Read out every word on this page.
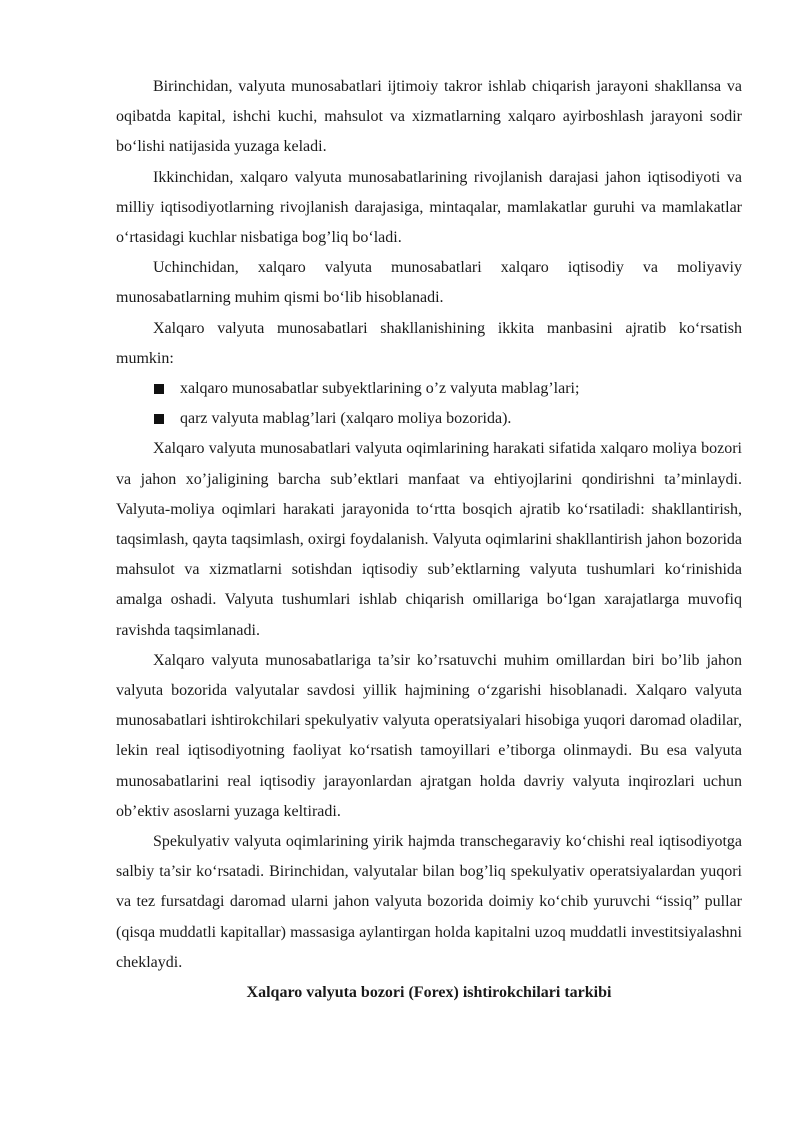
Birinchidan, valyuta munosabatlari ijtimoiy takror ishlab chiqarish jarayoni shakllansa va oqibatda kapital, ishchi kuchi, mahsulot va xizmatlarning xalqaro ayirboshlash jarayoni sodir bo‘lishi natijasida yuzaga keladi.

Ikkinchidan, xalqaro valyuta munosabatlarining rivojlanish darajasi jahon iqtisodiyoti va milliy iqtisodiyotlarning rivojlanish darajasiga, mintaqalar, mamlakatlar guruhi va mamlakatlar o‘rtasidagi kuchlar nisbatiga bog’liq bo‘ladi.

Uchinchidan, xalqaro valyuta munosabatlari xalqaro iqtisodiy va moliyaviy munosabatlarning muhim qismi bo‘lib hisoblanadi.

Xalqaro valyuta munosabatlari shakllanishining ikkita manbasini ajratib ko‘rsatish mumkin:

xalqaro munosabatlar subyektlarining o’z valyuta mablag’lari;
qarz valyuta mablag’lari (xalqaro moliya bozorida).

Xalqaro valyuta munosabatlari valyuta oqimlarining harakati sifatida xalqaro moliya bozori va jahon xo’jaligining barcha sub’ektlari manfaat va ehtiyojlarini qondirishni ta’minlaydi. Valyuta-moliya oqimlari harakati jarayonida to‘rtta bosqich ajratib ko‘rsatiladi: shakllantirish, taqsimlash, qayta taqsimlash, oxirgi foydalanish. Valyuta oqimlarini shakllantirish jahon bozorida mahsulot va xizmatlarni sotishdan iqtisodiy sub’ektlarning valyuta tushumlari ko‘rinishida amalga oshadi. Valyuta tushumlari ishlab chiqarish omillariga bo‘lgan xarajatlarga muvofiq ravishda taqsimlanadi.

Xalqaro valyuta munosabatlariga ta’sir ko’rsatuvchi muhim omillardan biri bo’lib jahon valyuta bozorida valyutalar savdosi yillik hajmining o‘zgarishi hisoblanadi. Xalqaro valyuta munosabatlari ishtirokchilari spekulyativ valyuta operatsiyalari hisobiga yuqori daromad oladilar, lekin real iqtisodiyotning faoliyat ko‘rsatish tamoyillari e’tiborga olinmaydi. Bu esa valyuta munosabatlarini real iqtisodiy jarayonlardan ajratgan holda davriy valyuta inqirozlari uchun ob’ektiv asoslarni yuzaga keltiradi.

Spekulyativ valyuta oqimlarining yirik hajmda transchegaraviy ko‘chishi real iqtisodiyotga salbiy ta’sir ko‘rsatadi. Birinchidan, valyutalar bilan bog’liq spekulyativ operatsiyalardan yuqori va tez fursatdagi daromad ularni jahon valyuta bozorida doimiy ko‘chib yuruvchi “issiq” pullar (qisqa muddatli kapitallar) massasiga aylantirgan holda kapitalni uzoq muddatli investitsiyalashni cheklaydi.

Xalqaro valyuta bozori (Forex) ishtirokchilari tarkibi
